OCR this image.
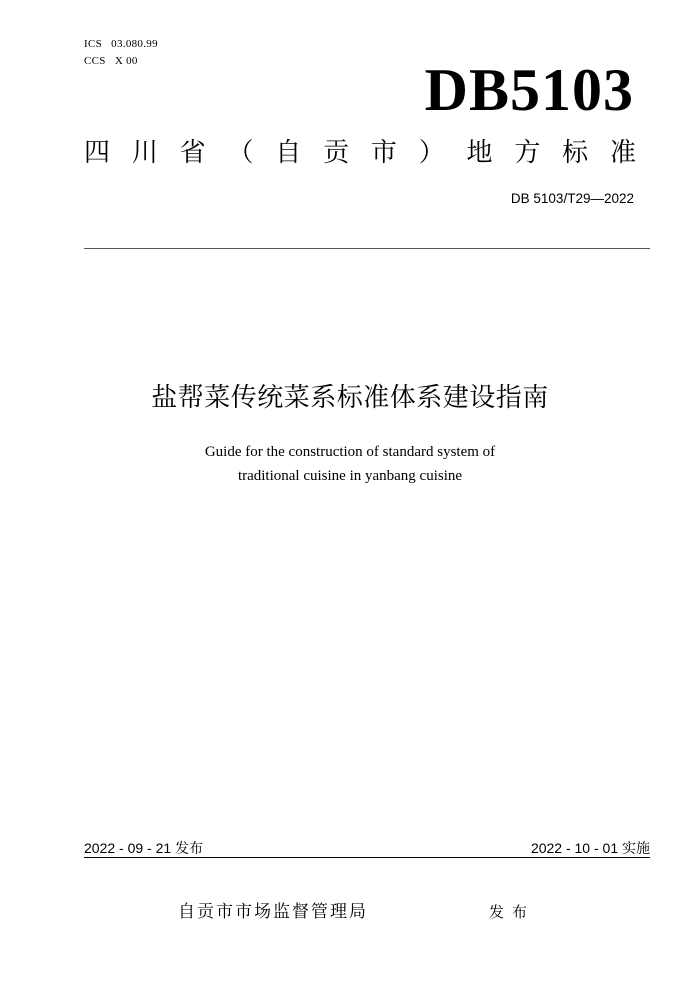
ICS   03.080.99
CCS   X 00	DB5103
四 川 省 （ 自 贡 市 ） 地 方 标 准
DB 5103/T29—2022
盐帮菜传统菜系标准体系建设指南
Guide for the construction of standard system of
traditional cuisine in yanbang cuisine
2022 - 09 - 21 发布	2022 - 10 - 01 实施
自贡市市场监督管理局	发布
